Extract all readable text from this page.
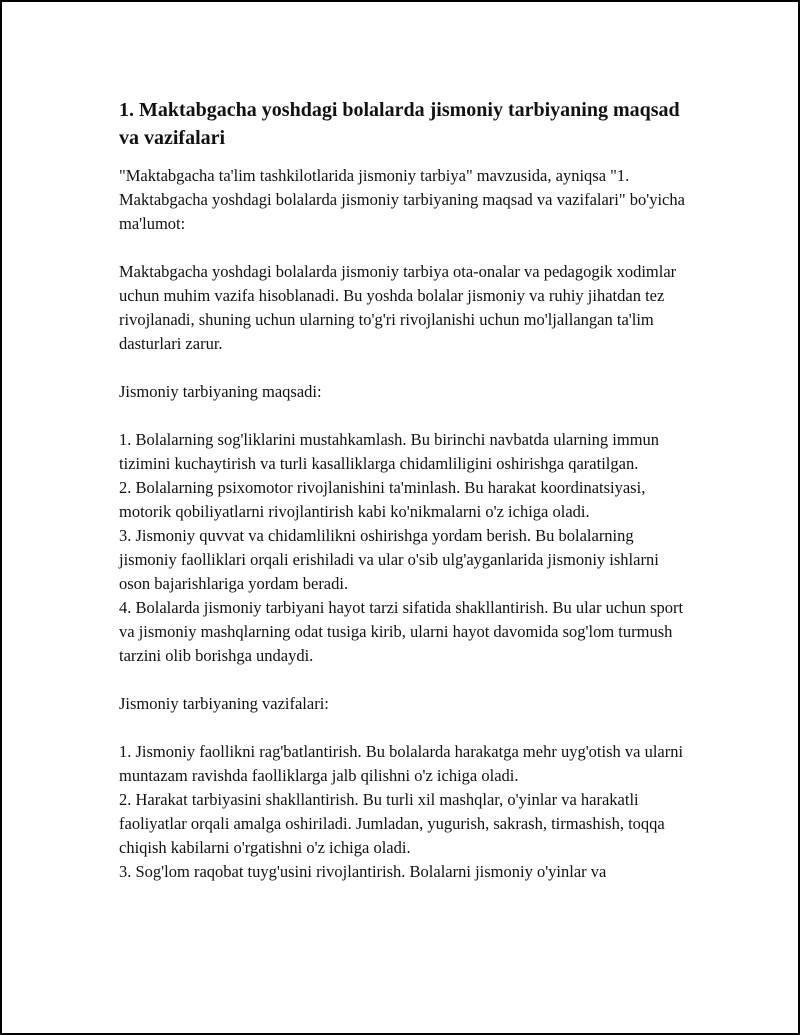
1. Maktabgacha yoshdagi bolalarda jismoniy tarbiyaning maqsad va vazifalari

"Maktabgacha ta'lim tashkilotlarida jismoniy tarbiya" mavzusida, ayniqsa "1. Maktabgacha yoshdagi bolalarda jismoniy tarbiyaning maqsad va vazifalari" bo'yicha ma'lumot:

Maktabgacha yoshdagi bolalarda jismoniy tarbiya ota-onalar va pedagogik xodimlar uchun muhim vazifa hisoblanadi. Bu yoshda bolalar jismoniy va ruhiy jihatdan tez rivojlanadi, shuning uchun ularning to'g'ri rivojlanishi uchun mo'ljallangan ta'lim dasturlari zarur.

Jismoniy tarbiyaning maqsadi:

1. Bolalarning sog'liklarini mustahkamlash. Bu birinchi navbatda ularning immun tizimini kuchaytirish va turli kasalliklarga chidamliligini oshirishga qaratilgan.
2. Bolalarning psixomotor rivojlanishini ta'minlash. Bu harakat koordinatsiyasi, motorik qobiliyatlarni rivojlantirish kabi ko'nikmalarni o'z ichiga oladi.
3. Jismoniy quvvat va chidamlilikni oshirishga yordam berish. Bu bolalarning jismoniy faolliklari orqali erishiladi va ular o'sib ulg'ayganlarida jismoniy ishlarni oson bajarishlariga yordam beradi.
4. Bolalarda jismoniy tarbiyani hayot tarzi sifatida shakllantirish. Bu ular uchun sport va jismoniy mashqlarning odat tusiga kirib, ularni hayot davomida sog'lom turmush tarzini olib borishga undaydi.

Jismoniy tarbiyaning vazifalari:

1. Jismoniy faollikni rag'batlantirish. Bu bolalarda harakatga mehr uyg'otish va ularni muntazam ravishda faolliklarga jalb qilishni o'z ichiga oladi.
2. Harakat tarbiyasini shakllantirish. Bu turli xil mashqlar, o'yinlar va harakatli faoliyatlar orqali amalga oshiriladi. Jumladan, yugurish, sakrash, tirmashish, toqqa chiqish kabilarni o'rgatishni o'z ichiga oladi.
3. Sog'lom raqobat tuyg'usini rivojlantirish. Bolalarni jismoniy o'yinlar va
